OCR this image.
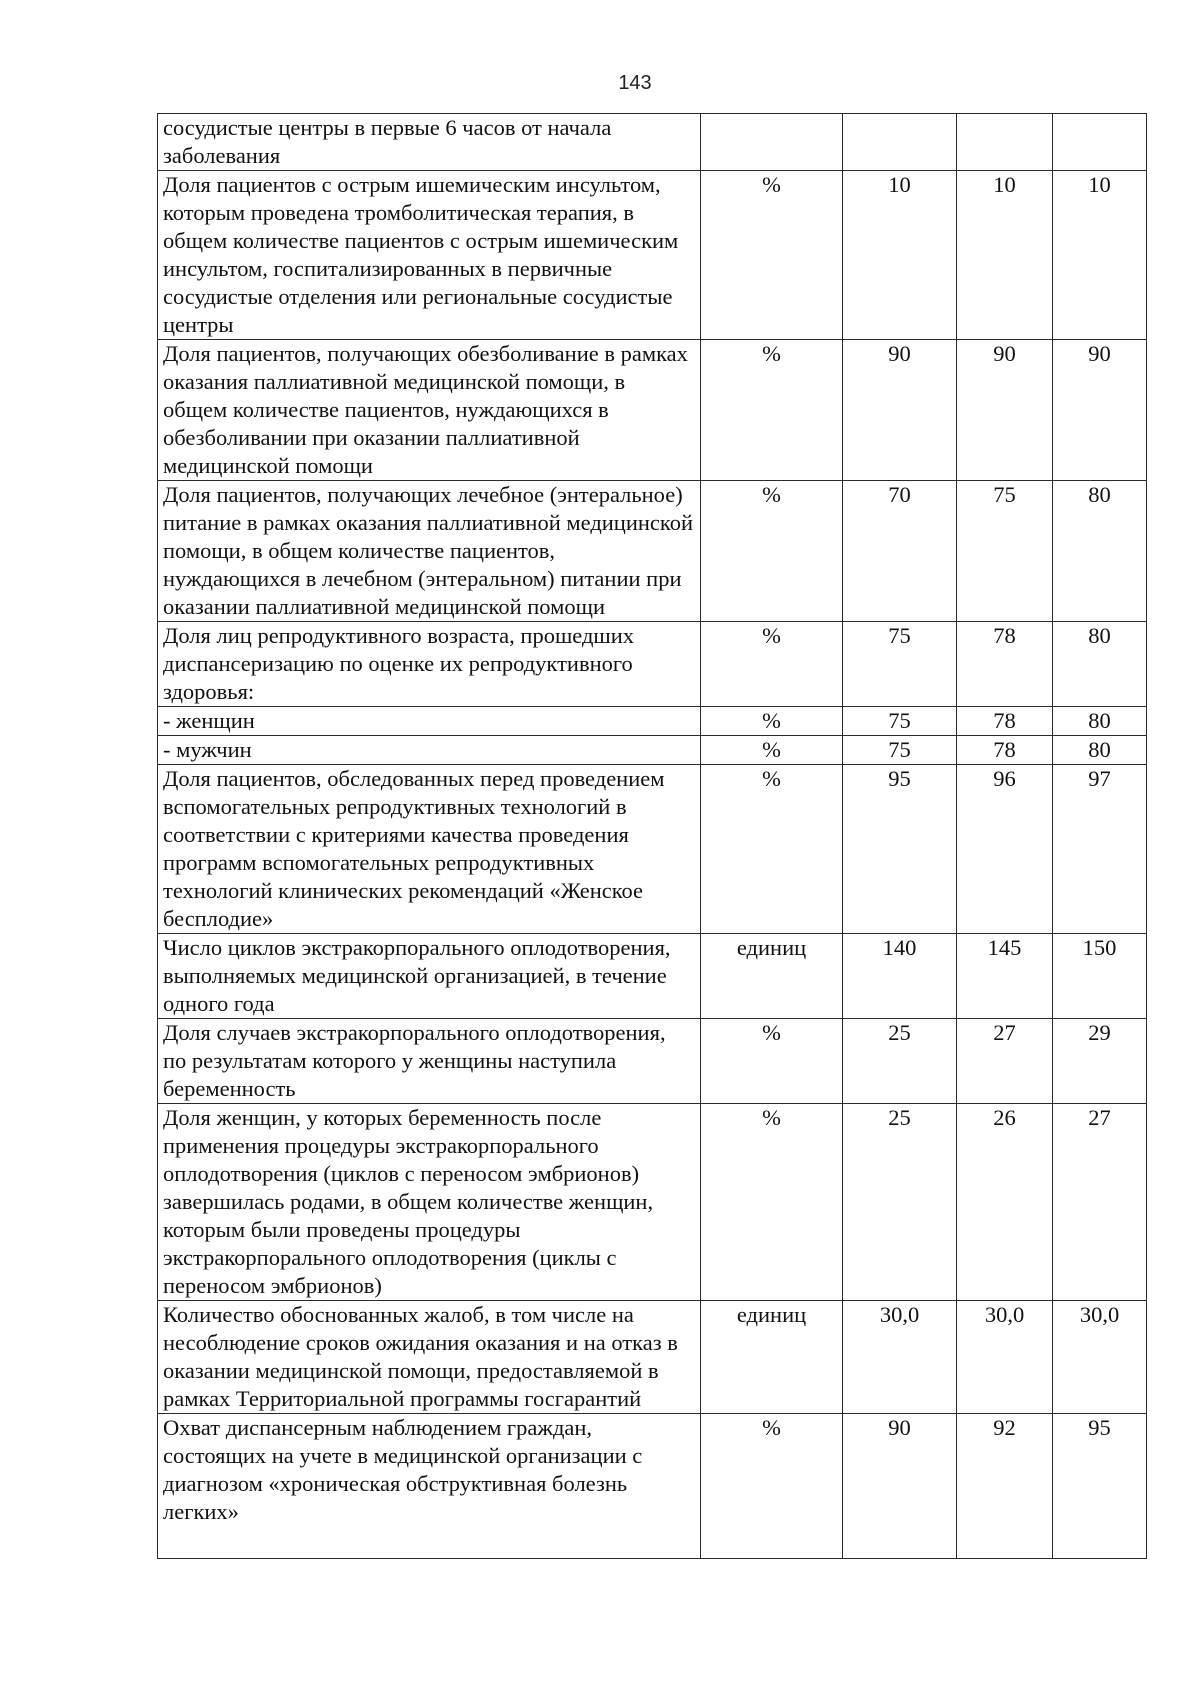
143
сосудистые центры в первые 6 часов от начала заболевания				
Доля пациентов с острым ишемическим инсультом, которым проведена тромболитическая терапия, в общем количестве пациентов с острым ишемическим инсультом, госпитализированных в первичные сосудистые отделения или региональные сосудистые центры	%	10	10	10
Доля пациентов, получающих обезболивание в рамках оказания паллиативной медицинской помощи, в общем количестве пациентов, нуждающихся в обезболивании при оказании паллиативной медицинской помощи	%	90	90	90
Доля пациентов, получающих лечебное (энтеральное) питание в рамках оказания паллиативной медицинской помощи, в общем количестве пациентов, нуждающихся в лечебном (энтеральном) питании при оказании паллиативной медицинской помощи	%	70	75	80
Доля лиц репродуктивного возраста, прошедших диспансеризацию по оценке их репродуктивного здоровья:	%	75	78	80
- женщин	%	75	78	80
- мужчин	%	75	78	80
Доля пациентов, обследованных перед проведением вспомогательных репродуктивных технологий в соответствии с критериями качества проведения программ вспомогательных репродуктивных технологий клинических рекомендаций «Женское бесплодие»	%	95	96	97
Число циклов экстракорпорального оплодотворения, выполняемых медицинской организацией, в течение одного года	единиц	140	145	150
Доля случаев экстракорпорального оплодотворения, по результатам которого у женщины наступила беременность	%	25	27	29
Доля женщин, у которых беременность после применения процедуры экстракорпорального оплодотворения (циклов с переносом эмбрионов) завершилась родами, в общем количестве женщин, которым были проведены процедуры экстракорпорального оплодотворения (циклы с переносом эмбрионов)	%	25	26	27
Количество обоснованных жалоб, в том числе на несоблюдение сроков ожидания оказания и на отказ в оказании медицинской помощи, предоставляемой в рамках Территориальной программы госгарантий	единиц	30,0	30,0	30,0
Охват диспансерным наблюдением граждан, состоящих на учете в медицинской организации с диагнозом «хроническая обструктивная болезнь легких»	%	90	92	95
